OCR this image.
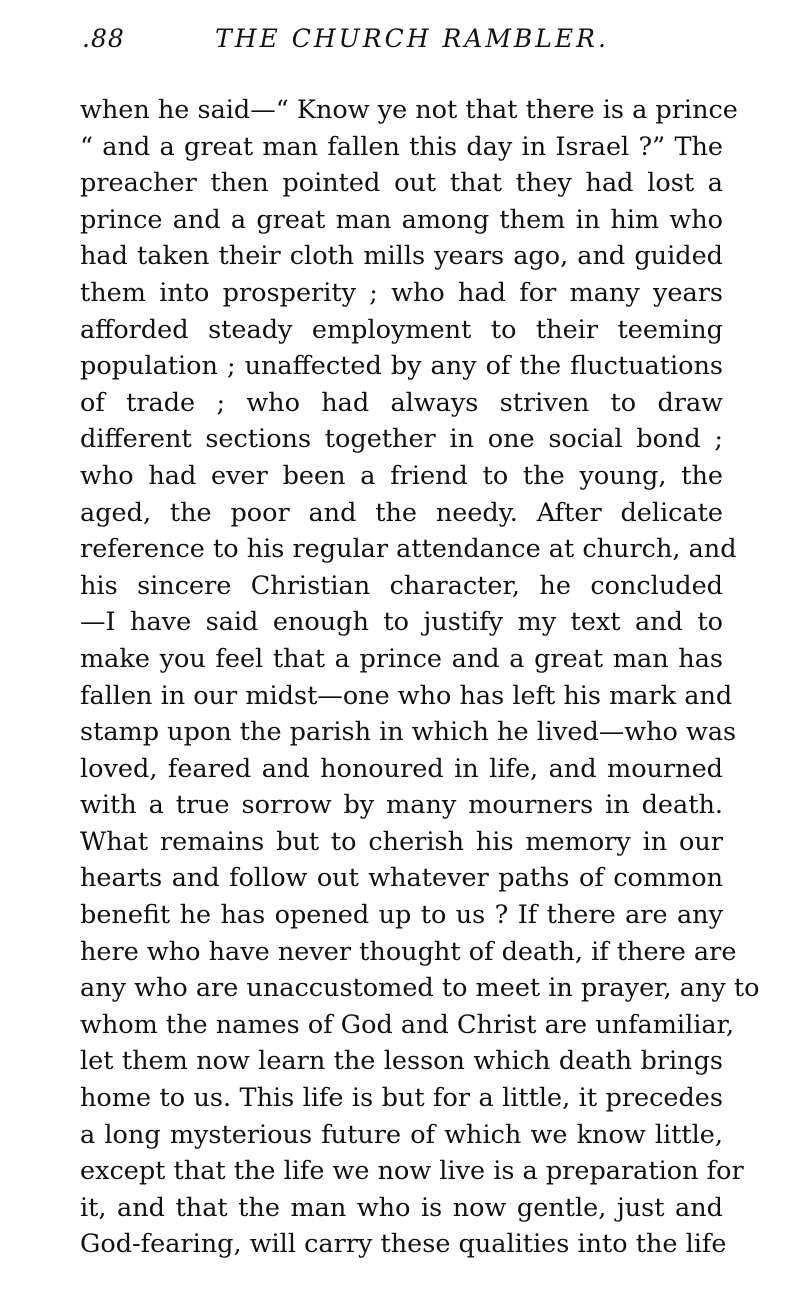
.88	THE CHURCH RAMBLER.
when he said—“ Know ye not that there is a prince
“ and a great man fallen this day in Israel ?” The
preacher then pointed out that they had lost a
prince and a great man among them in him who
had taken their cloth mills years ago, and guided
them into prosperity ; who had for many years
afforded steady employment to their teeming
population ; unaffected by any of the fluctuations
of trade ; who had always striven to draw
different sections together in one social bond ;
who had ever been a friend to the young, the
aged, the poor and the needy. After delicate
reference to his regular attendance at church, and
his sincere Christian character, he concluded
—I have said enough to justify my text and to
make you feel that a prince and a great man has
fallen in our midst—one who has left his mark and
stamp upon the parish in which he lived—who was
loved, feared and honoured in life, and mourned
with a true sorrow by many mourners in death.
What remains but to cherish his memory in our
hearts and follow out whatever paths of common
benefit he has opened up to us ? If there are any
here who have never thought of death, if there are
any who are unaccustomed to meet in prayer, any to
whom the names of God and Christ are unfamiliar,
let them now learn the lesson which death brings
home to us. This life is but for a little, it precedes
a long mysterious future of which we know little,
except that the life we now live is a preparation for
it, and that the man who is now gentle, just and
God-fearing, will carry these qualities into the life
